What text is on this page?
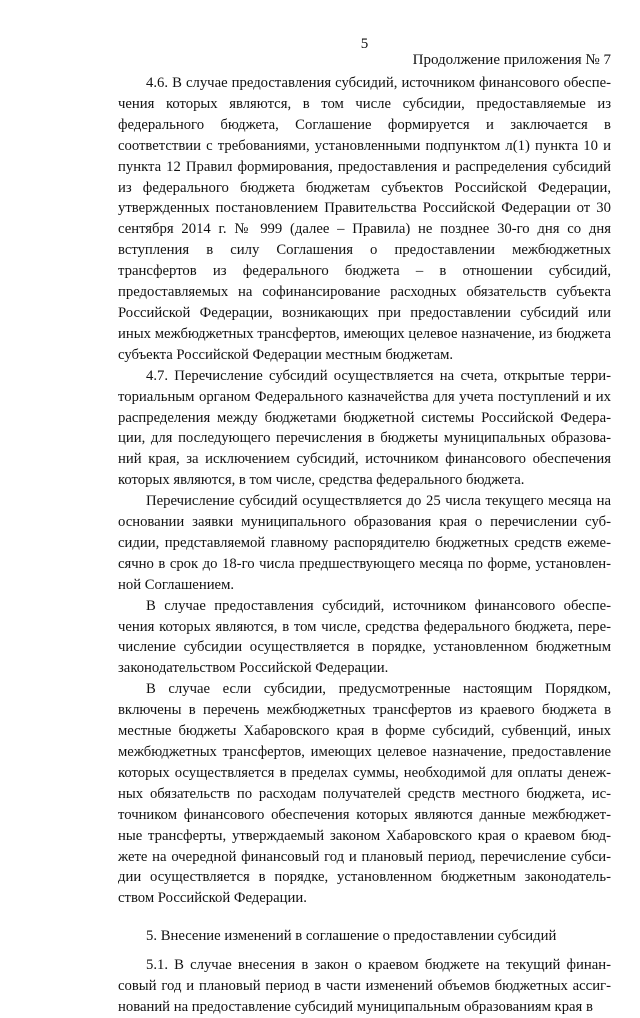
5
Продолжение приложения № 7

4.6. В случае предоставления субсидий, источником финансового обеспечения которых являются, в том числе субсидии, предоставляемые из федерального бюджета, Соглашение формируется и заключается в соответствии с требованиями, установленными подпунктом л(1) пункта 10 и пункта 12 Правил формирования, предоставления и распределения субсидий из федерального бюджета бюджетам субъектов Российской Федерации, утвержденных постановлением Правительства Российской Федерации от 30 сентября 2014 г. № 999 (далее – Правила) не позднее 30-го дня со дня вступления в силу Соглашения о предоставлении межбюджетных трансфертов из федерального бюджета – в отношении субсидий, предоставляемых на софинансирование расходных обязательств субъекта Российской Федерации, возникающих при предоставлении субсидий или иных межбюджетных трансфертов, имеющих целевое назначение, из бюджета субъекта Российской Федерации местным бюджетам.

4.7. Перечисление субсидий осуществляется на счета, открытые территориальным органом Федерального казначейства для учета поступлений и их распределения между бюджетами бюджетной системы Российской Федерации, для последующего перечисления в бюджеты муниципальных образований края, за исключением субсидий, источником финансового обеспечения которых являются, в том числе, средства федерального бюджета.

Перечисление субсидий осуществляется до 25 числа текущего месяца на основании заявки муниципального образования края о перечислении субсидии, представляемой главному распорядителю бюджетных средств ежемесячно в срок до 18-го числа предшествующего месяца по форме, установленной Соглашением.

В случае предоставления субсидий, источником финансового обеспечения которых являются, в том числе, средства федерального бюджета, перечисление субсидии осуществляется в порядке, установленном бюджетным законодательством Российской Федерации.

В случае если субсидии, предусмотренные настоящим Порядком, включены в перечень межбюджетных трансфертов из краевого бюджета в местные бюджеты Хабаровского края в форме субсидий, субвенций, иных межбюджетных трансфертов, имеющих целевое назначение, предоставление которых осуществляется в пределах суммы, необходимой для оплаты денежных обязательств по расходам получателей средств местного бюджета, источником финансового обеспечения которых являются данные межбюджетные трансферты, утверждаемый законом Хабаровского края о краевом бюджете на очередной финансовый год и плановый период, перечисление субсидии осуществляется в порядке, установленном бюджетным законодательством Российской Федерации.

5. Внесение изменений в соглашение о предоставлении субсидий

5.1. В случае внесения в закон о краевом бюджете на текущий финансовый год и плановый период в части изменений объемов бюджетных ассигнований на предоставление субсидий муниципальным образованиям края в
